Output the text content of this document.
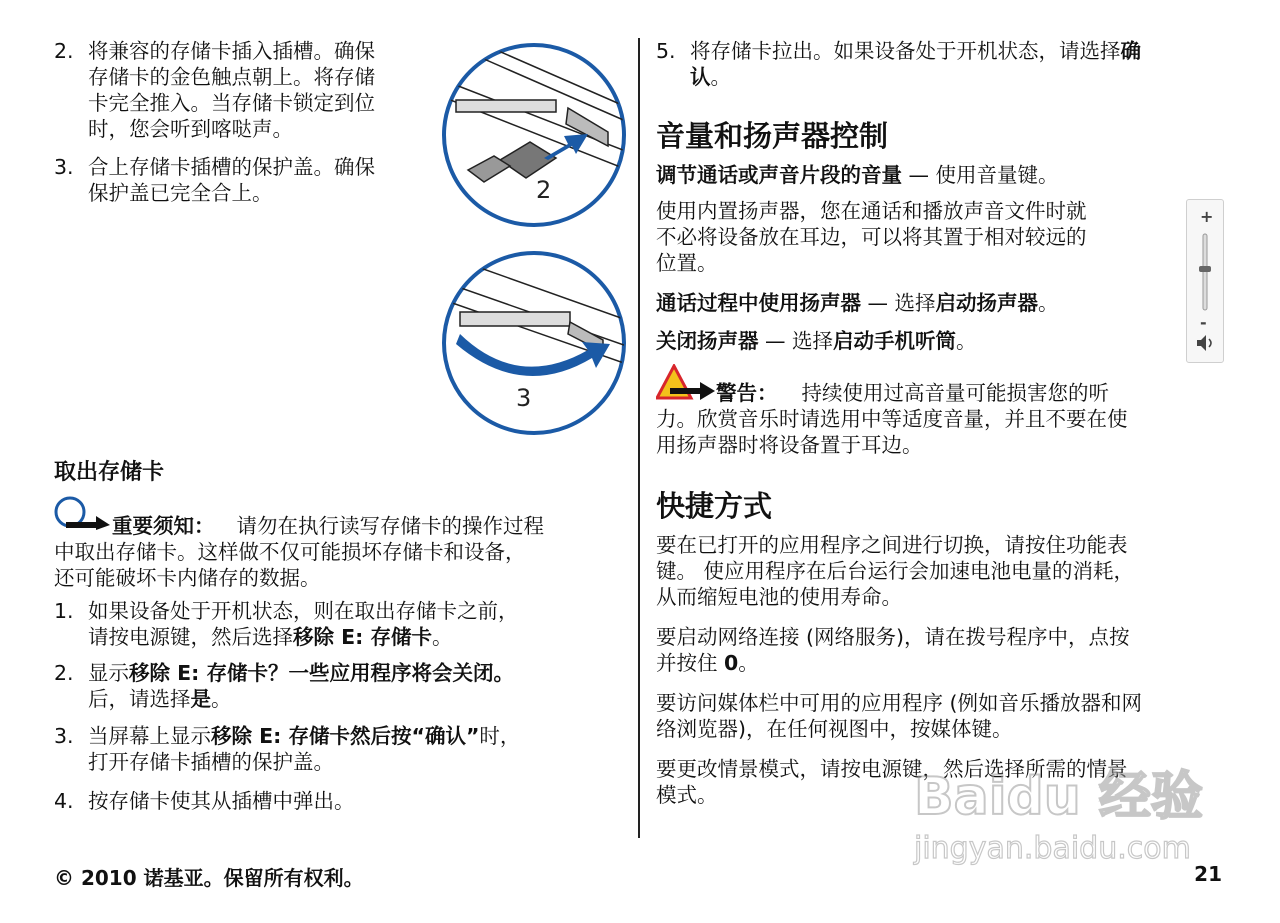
2. 将兼容的存储卡插入插槽。确保
存储卡的金色触点朝上。将存储
卡完全推入。当存储卡锁定到位
时，您会听到喀哒声。
3. 合上存储卡插槽的保护盖。确保
保护盖已完全合上。	2
3
取出存储卡
重要须知： 请勿在执行读写存储卡的操作过程
中取出存储卡。这样做不仅可能损坏存储卡和设备，
还可能破坏卡内储存的数据。
1. 如果设备处于开机状态，则在取出存储卡之前，
请按电源键，然后选择移除 E: 存储卡。
2. 显示移除 E: 存储卡？一些应用程序将会关闭。
后，请选择是。
3. 当屏幕上显示移除 E: 存储卡然后按“确认”时，
打开存储卡插槽的保护盖。
4. 按存储卡使其从插槽中弹出。
5. 将存储卡拉出。如果设备处于开机状态，请选择确
认。
音量和扬声器控制
调节通话或声音片段的音量 — 使用音量键。
使用内置扬声器，您在通话和播放声音文件时就
不必将设备放在耳边，可以将其置于相对较远的
位置。
+
-
通话过程中使用扬声器 — 选择启动扬声器。
关闭扬声器 — 选择启动手机听筒。
警告： 持续使用过高音量可能损害您的听
力。欣赏音乐时请选用中等适度音量，并且不要在使
用扬声器时将设备置于耳边。
快捷方式
要在已打开的应用程序之间进行切换，请按住功能表
键。 使应用程序在后台运行会加速电池电量的消耗，
从而缩短电池的使用寿命。
要启动网络连接 (网络服务)，请在拨号程序中，点按
并按住 0。
要访问媒体栏中可用的应用程序 (例如音乐播放器和网
络浏览器)，在任何视图中，按媒体键。
要更改情景模式，请按电源键，然后选择所需的情景
模式。	Baidu 经验
jingyan.baidu.com
© 2010 诺基亚。保留所有权利。	21
